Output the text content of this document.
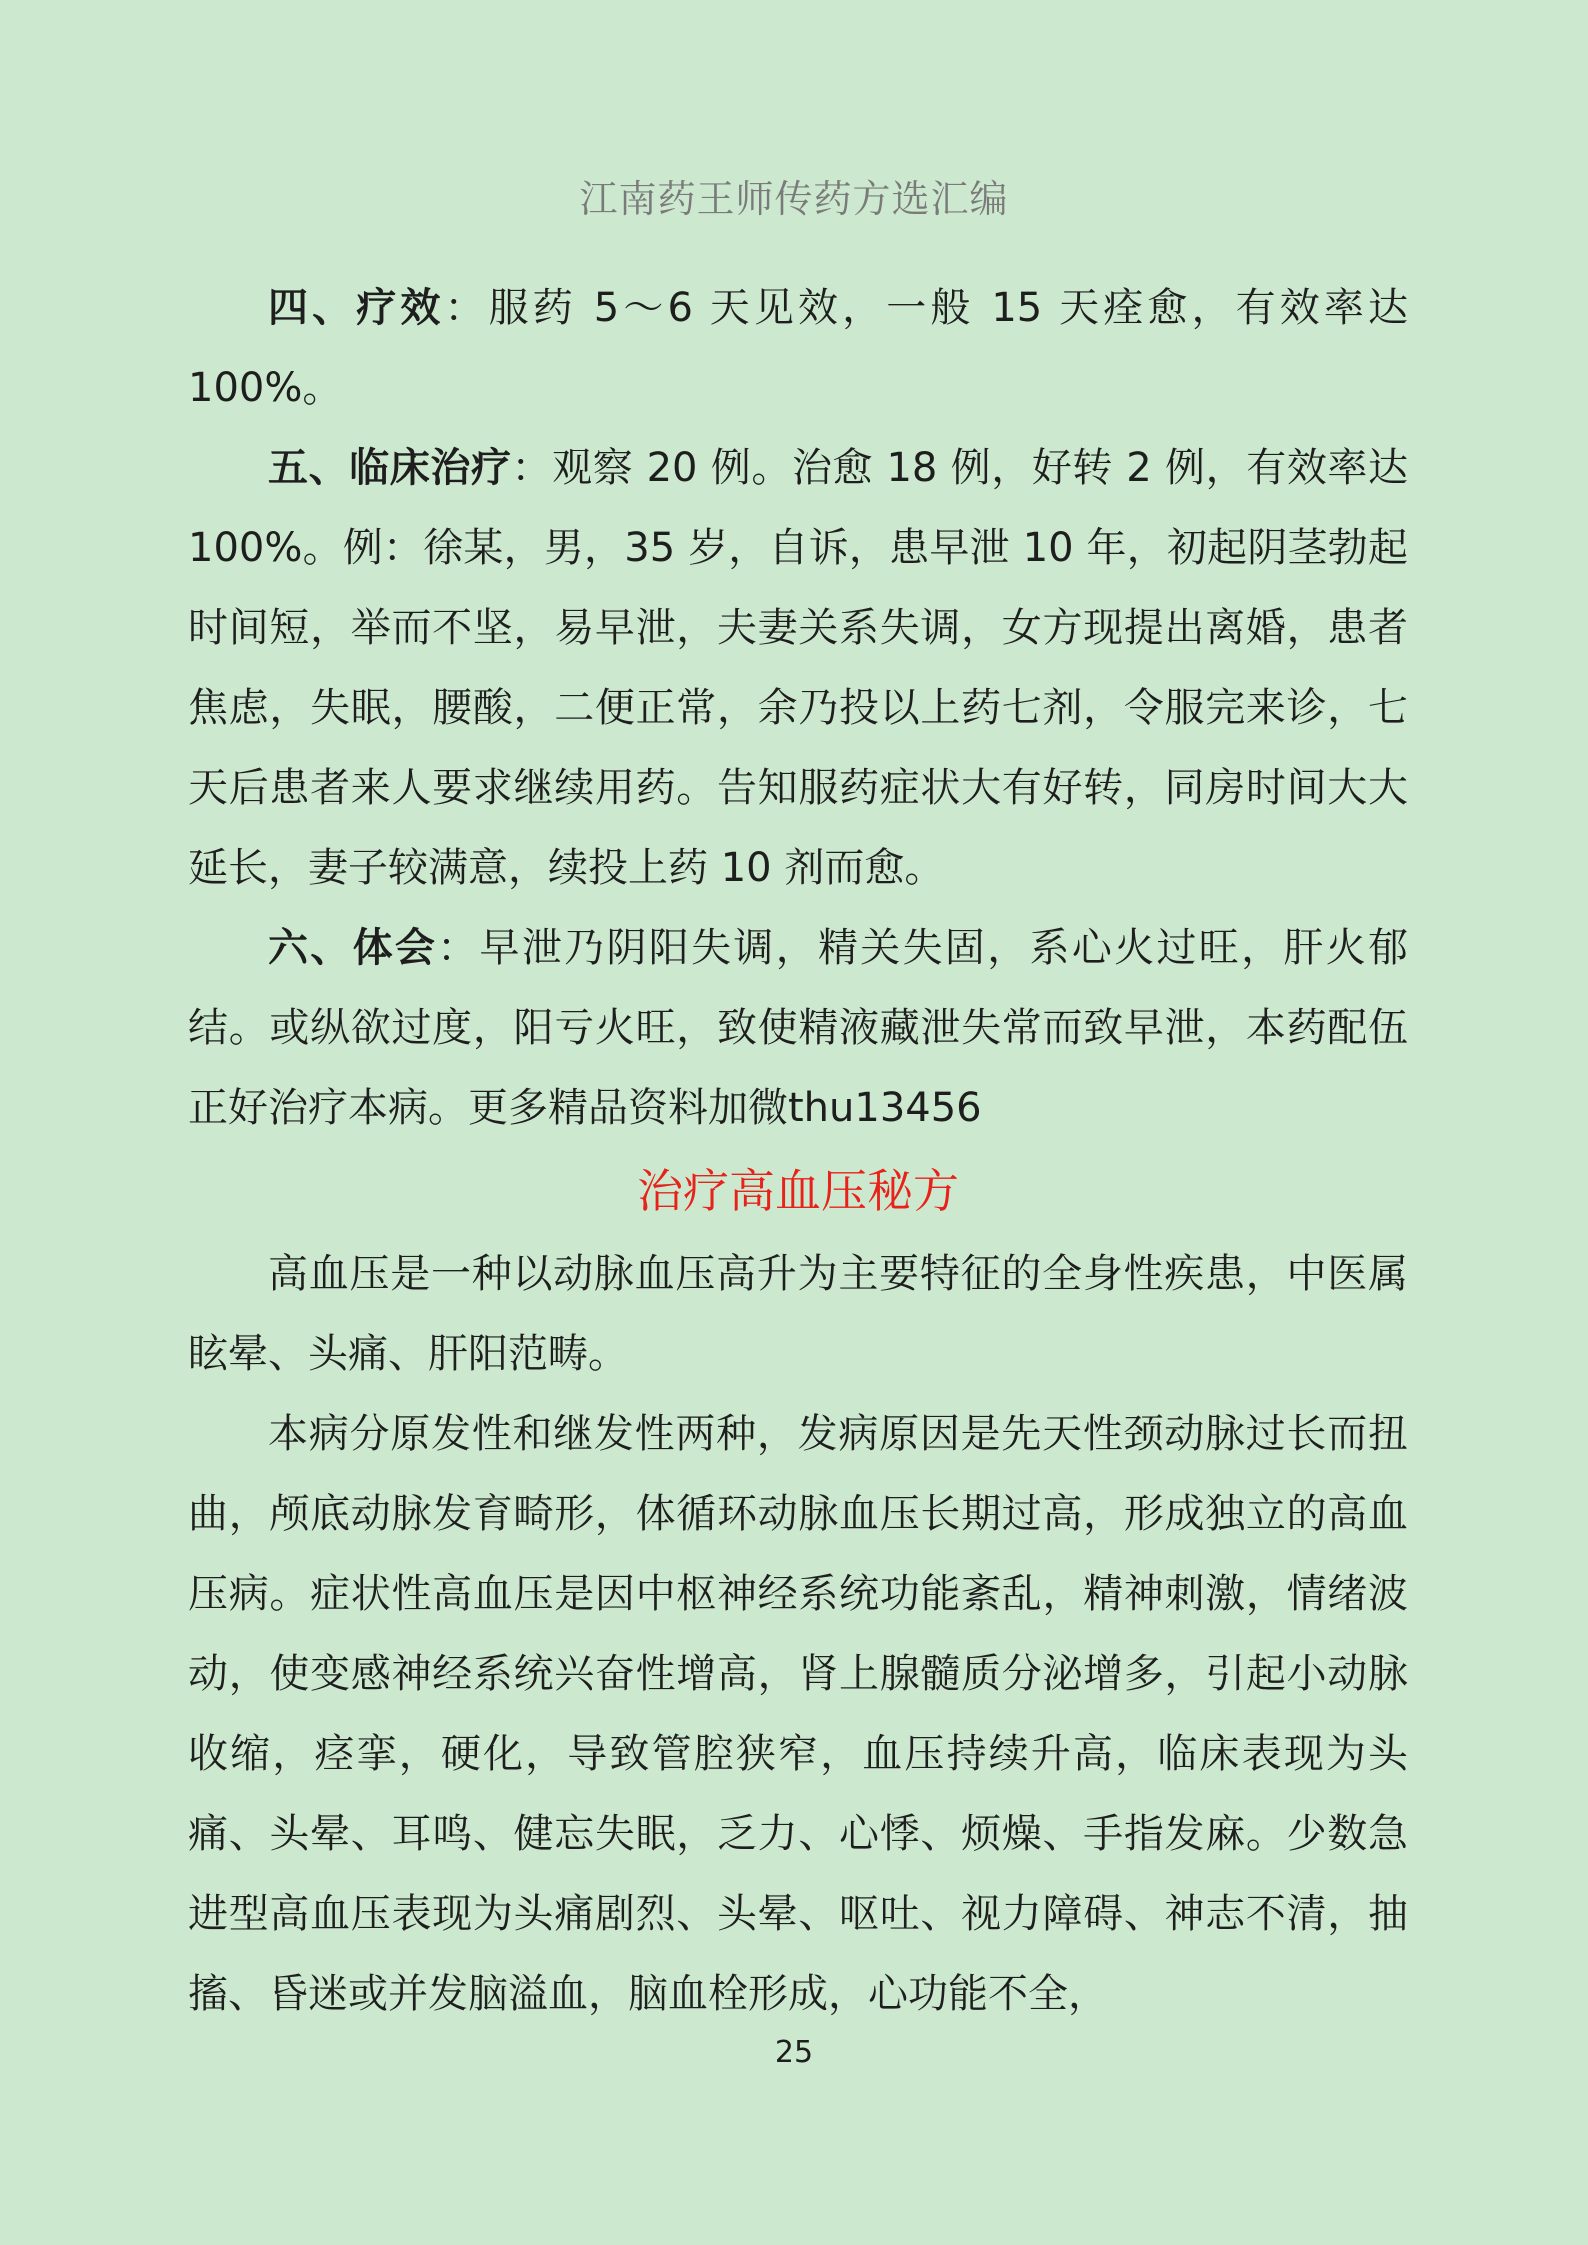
江南药王师传药方选汇编

四、疗效：服药 5～6 天见效，一般 15 天痊愈，有效率达 100%。

五、临床治疗：观察 20 例。治愈 18 例，好转 2 例，有效率达 100%。例：徐某，男，35 岁，自诉，患早泄 10 年，初起阴茎勃起时间短，举而不坚，易早泄，夫妻关系失调，女方现提出离婚，患者焦虑，失眠，腰酸，二便正常，余乃投以上药七剂，令服完来诊，七天后患者来人要求继续用药。告知服药症状大有好转，同房时间大大延长，妻子较满意，续投上药 10 剂而愈。

六、体会：早泄乃阴阳失调，精关失固，系心火过旺，肝火郁结。或纵欲过度，阳亏火旺，致使精液藏泄失常而致早泄，本药配伍正好治疗本病。更多精品资料加微thu13456

治疗高血压秘方

高血压是一种以动脉血压高升为主要特征的全身性疾患，中医属眩晕、头痛、肝阳范畴。

本病分原发性和继发性两种，发病原因是先天性颈动脉过长而扭曲，颅底动脉发育畸形，体循环动脉血压长期过高，形成独立的高血压病。症状性高血压是因中枢神经系统功能紊乱，精神刺激，情绪波动，使变感神经系统兴奋性增高，肾上腺髓质分泌增多，引起小动脉收缩，痉挛，硬化，导致管腔狭窄，血压持续升高，临床表现为头痛、头晕、耳鸣、健忘失眠，乏力、心悸、烦燥、手指发麻。少数急进型高血压表现为头痛剧烈、头晕、呕吐、视力障碍、神志不清，抽搐、昏迷或并发脑溢血，脑血栓形成，心功能不全，

25
